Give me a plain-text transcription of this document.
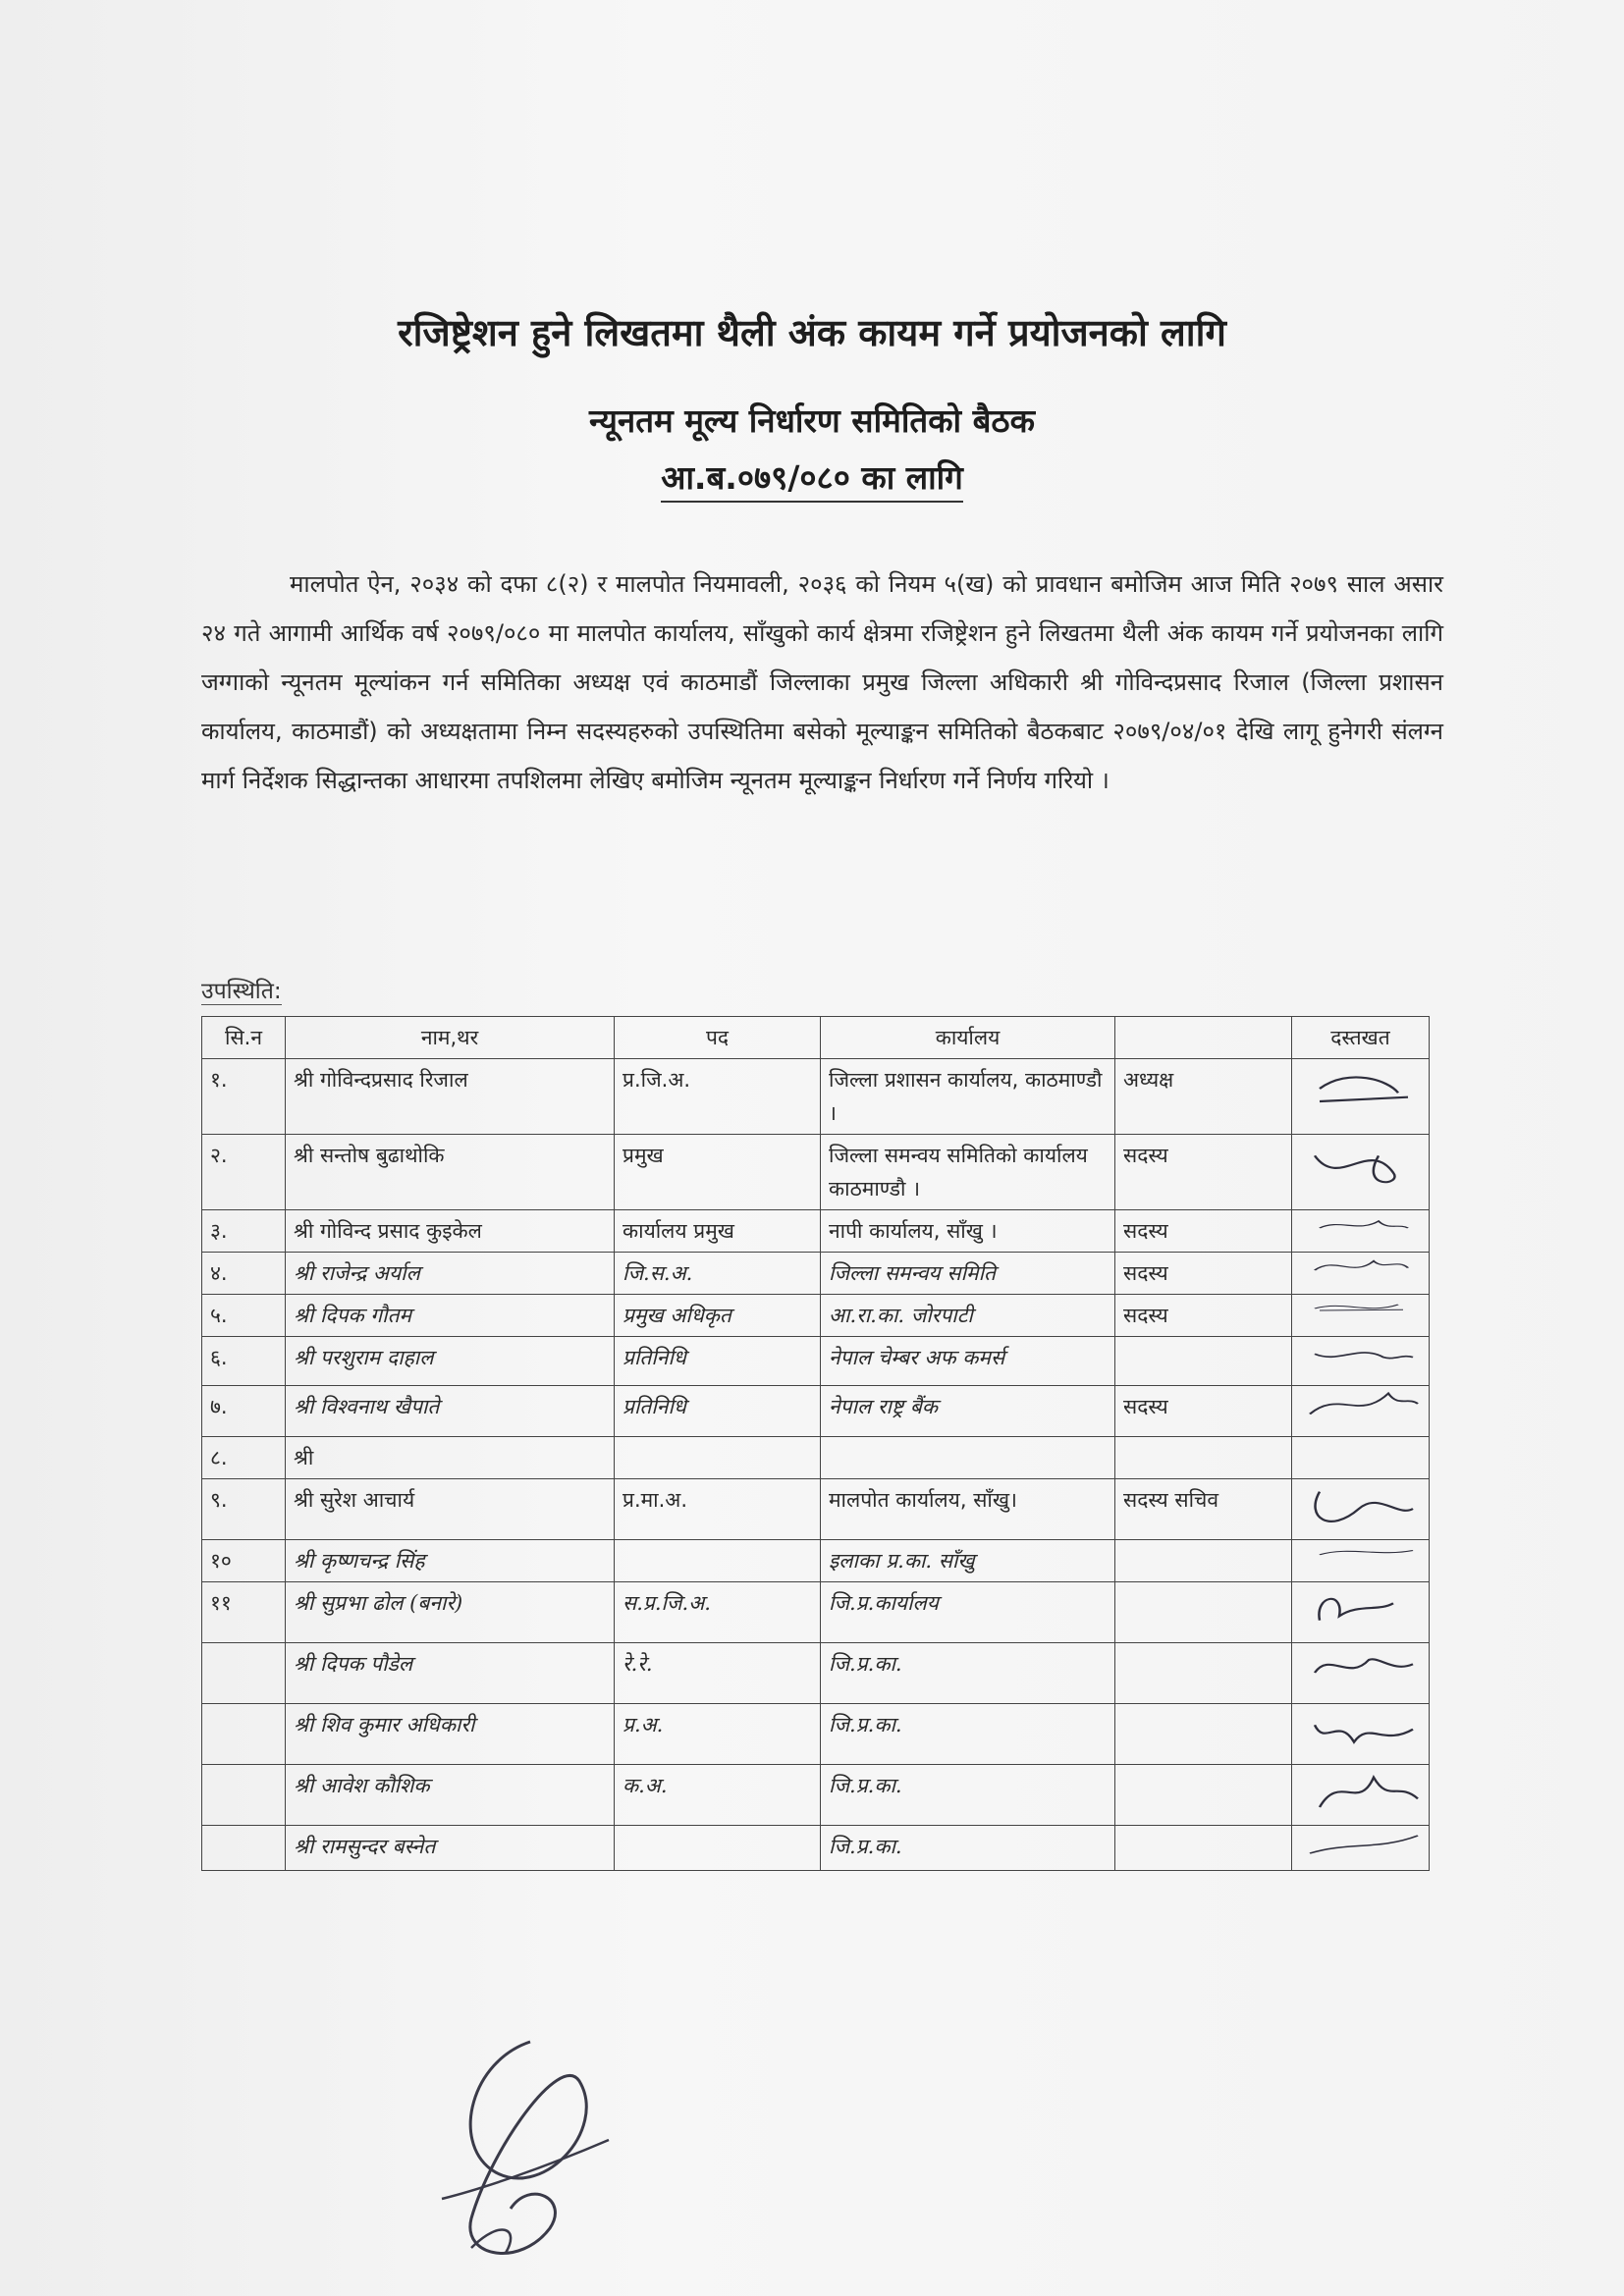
रजिष्ट्रेशन हुने लिखतमा थैली अंक कायम गर्ने प्रयोजनको लागि
न्यूनतम मूल्य निर्धारण समितिको बैठक
आ.ब.०७९/०८० का लागि
मालपोत ऐन, २०३४ को दफा ८(२) र मालपोत नियमावली, २०३६ को नियम ५(ख) को प्रावधान बमोजिम आज मिति २०७९ साल असार २४ गते आगामी आर्थिक वर्ष २०७९/०८० मा मालपोत कार्यालय, साँखुको कार्य क्षेत्रमा रजिष्ट्रेशन हुने लिखतमा थैली अंक कायम गर्ने प्रयोजनका लागि जग्गाको न्यूनतम मूल्यांकन गर्न समितिका अध्यक्ष एवं काठमाडौं जिल्लाका प्रमुख जिल्ला अधिकारी श्री गोविन्दप्रसाद रिजाल (जिल्ला प्रशासन कार्यालय, काठमाडौं) को अध्यक्षतामा निम्न सदस्यहरुको उपस्थितिमा बसेको मूल्याङ्कन समितिको बैठकबाट २०७९/०४/०१ देखि लागू हुनेगरी संलग्न मार्ग निर्देशक सिद्धान्तका आधारमा तपशिलमा लेखिए बमोजिम न्यूनतम मूल्याङ्कन निर्धारण गर्ने निर्णय गरियो ।
उपस्थिति:
सि.न	नाम,थर	पद	कार्यालय		दस्तखत
१.	श्री गोविन्दप्रसाद रिजाल	प्र.जि.अ.	जिल्ला प्रशासन कार्यालय, काठमाण्डौ ।	अध्यक्ष	

२.	श्री सन्तोष बुढाथोकि	प्रमुख	जिल्ला समन्वय समितिको कार्यालय काठमाण्डौ ।	सदस्य	

३.	श्री गोविन्द प्रसाद कुइकेल	कार्यालय प्रमुख	नापी कार्यालय, साँखु ।	सदस्य	

४.	श्री राजेन्द्र अर्याल	जि.स.अ.	जिल्ला समन्वय समिति	सदस्य	

५.	श्री दिपक गौतम	प्रमुख अधिकृत	आ.रा.का. जोरपाटी	सदस्य	

६.	श्री परशुराम दाहाल	प्रतिनिधि	नेपाल चेम्बर अफ कमर्स		

७.	श्री विश्वनाथ खैपाते	प्रतिनिधि	नेपाल राष्ट्र बैंक	सदस्य	

८.	श्री				
९.	श्री सुरेश आचार्य	प्र.मा.अ.	मालपोत कार्यालय, साँखु।	सदस्य सचिव	

१०	श्री कृष्णचन्द्र सिंह		इलाका प्र.का. साँखु		

११	श्री सुप्रभा ढोल (बनारे)	स.प्र.जि.अ.	जि.प्र.कार्यालय		

	श्री दिपक पौडेल	रे.रे.	जि.प्र.का.		

	श्री शिव कुमार अधिकारी	प्र.अ.	जि.प्र.का.		

	श्री आवेश कौशिक	क.अ.	जि.प्र.का.		

	श्री रामसुन्दर बस्नेत		जि.प्र.का.		
